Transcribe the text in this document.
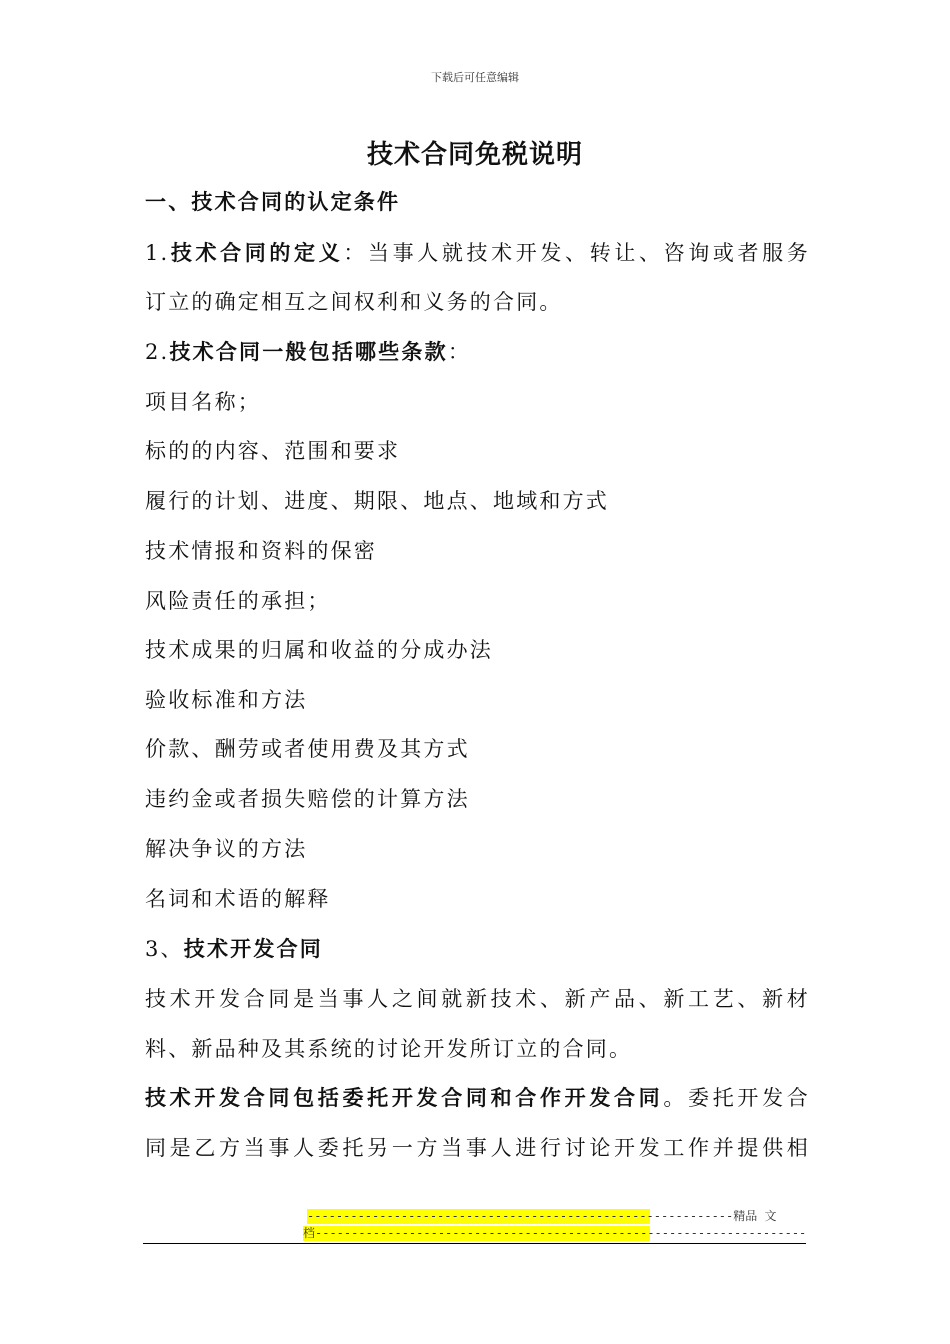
下载后可任意编辑
技术合同免税说明
一、技术合同的认定条件
1.技术合同的定义：当事人就技术开发、转让、咨询或者服务
订立的确定相互之间权利和义务的合同。
2.技术合同一般包括哪些条款：
项目名称；
标的的内容、范围和要求
履行的计划、进度、期限、地点、地域和方式
技术情报和资料的保密
风险责任的承担；
技术成果的归属和收益的分成办法
验收标准和方法
价款、酬劳或者使用费及其方式
违约金或者损失赔偿的计算方法
解决争议的方法
名词和术语的解释
3、技术开发合同
技术开发合同是当事人之间就新技术、新产品、新工艺、新材
料、新品种及其系统的讨论开发所订立的合同。
技术开发合同包括委托开发合同和合作开发合同。委托开发合
同是乙方当事人委托另一方当事人进行讨论开发工作并提供相
-----------------------------------------------------------精品 文
档--------------------------------------------------------------------
